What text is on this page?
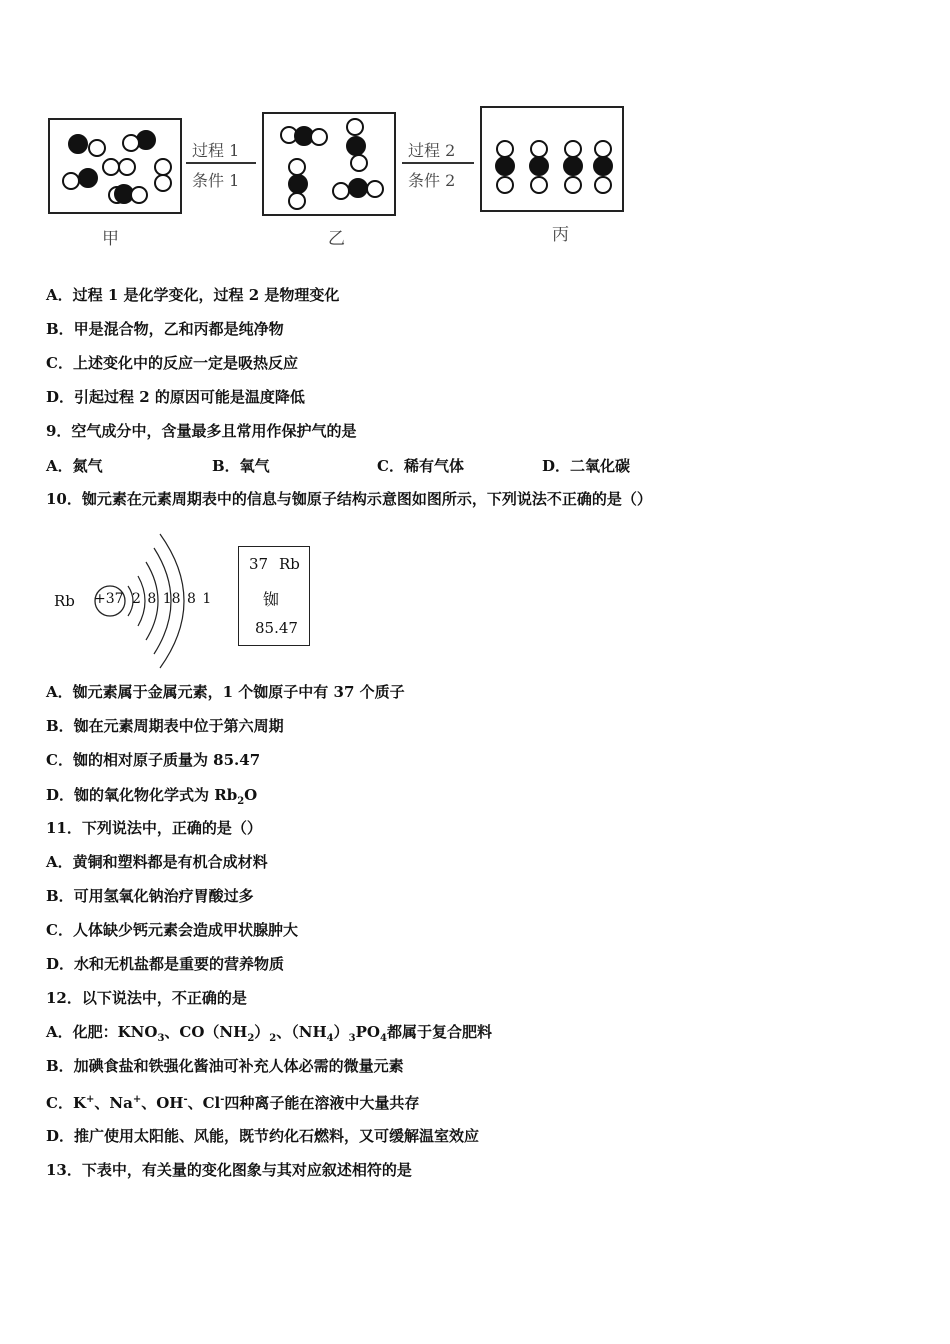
过程 1
条件 1
过程 2
条件 2
甲	乙	丙
A．过程 1 是化学变化，过程 2 是物理变化
B．甲是混合物，乙和丙都是纯净物
C．上述变化中的反应一定是吸热反应
D．引起过程 2 的原因可能是温度降低
9．空气成分中，含量最多且常用作保护气的是
A．氮气	B．氧气	C．稀有气体	D．二氧化碳
10．铷元素在元素周期表中的信息与铷原子结构示意图如图所示，下列说法不正确的是（）
Rb +37 2 8 18 8 1
37 Rb
铷
85.47
A．铷元素属于金属元素，1 个铷原子中有 37 个质子
B．铷在元素周期表中位于第六周期
C．铷的相对原子质量为 85.47
D．铷的氧化物化学式为 $Rb_2O$
11．下列说法中，正确的是（）
A．黄铜和塑料都是有机合成材料
B．可用氢氧化钠治疗胃酸过多
C．人体缺少钙元素会造成甲状腺肿大
D．水和无机盐都是重要的营养物质
12．以下说法中，不正确的是
A．化肥：$KNO_3$、$CO(NH_2)_2$、$(NH_4)_3PO_4$都属于复合肥料
B．加碘食盐和铁强化酱油可补充人体必需的微量元素
C．K+、Na+、OH-、Cl-四种离子能在溶液中大量共存
D．推广使用太阳能、风能，既节约化石燃料，又可缓解温室效应
13．下表中，有关量的变化图象与其对应叙述相符的是
